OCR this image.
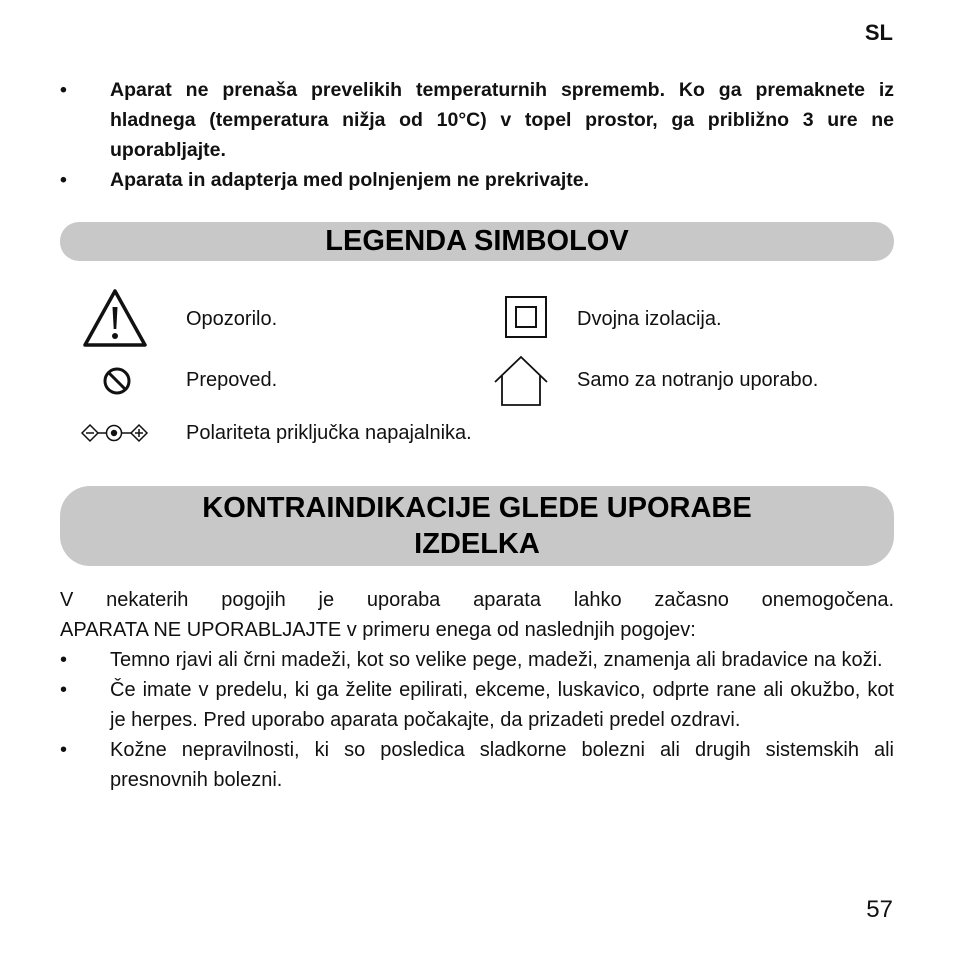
SL
• Aparat ne prenaša prevelikih temperaturnih sprememb. Ko ga premaknete iz hladnega (temperatura nižja od 10°C) v topel prostor, ga približno 3 ure ne uporabljajte.
• Aparata in adapterja med polnjenjem ne prekrivajte.
LEGENDA SIMBOLOV
Opozorilo.	Dvojna izolacija.
Prepoved.	Samo za notranjo uporabo.
Polariteta priključka napajalnika.
KONTRAINDIKACIJE GLEDE UPORABE
IZDELKA
V nekaterih pogojih je uporaba aparata lahko začasno onemogočena.
APARATA NE UPORABLJAJTE v primeru enega od naslednjih pogojev:
• Temno rjavi ali črni madeži, kot so velike pege, madeži, znamenja ali bradavice na koži.
• Če imate v predelu, ki ga želite epilirati, ekceme, luskavico, odprte rane ali okužbo, kot je herpes. Pred uporabo aparata počakajte, da prizadeti predel ozdravi.
• Kožne nepravilnosti, ki so posledica sladkorne bolezni ali drugih sistemskih ali presnovnih bolezni.
57
